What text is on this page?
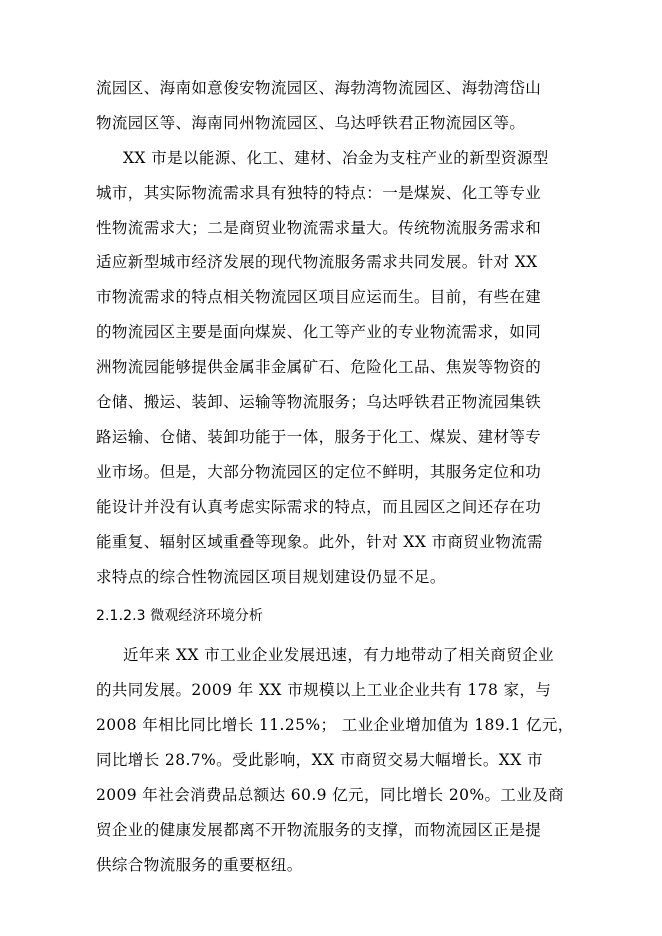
流园区、海南如意俊安物流园区、海勃湾物流园区、海勃湾岱山
物流园区等、海南同州物流园区、乌达呼铁君正物流园区等。
XX 市是以能源、化工、建材、冶金为支柱产业的新型资源型
城市，其实际物流需求具有独特的特点：一是煤炭、化工等专业
性物流需求大；二是商贸业物流需求量大。传统物流服务需求和
适应新型城市经济发展的现代物流服务需求共同发展。针对 XX
市物流需求的特点相关物流园区项目应运而生。目前，有些在建
的物流园区主要是面向煤炭、化工等产业的专业物流需求，如同
洲物流园能够提供金属非金属矿石、危险化工品、焦炭等物资的
仓储、搬运、装卸、运输等物流服务；乌达呼铁君正物流园集铁
路运输、仓储、装卸功能于一体，服务于化工、煤炭、建材等专
业市场。但是，大部分物流园区的定位不鲜明，其服务定位和功
能设计并没有认真考虑实际需求的特点，而且园区之间还存在功
能重复、辐射区域重叠等现象。此外，针对 XX 市商贸业物流需
求特点的综合性物流园区项目规划建设仍显不足。
2.1.2.3 微观经济环境分析
近年来 XX 市工业企业发展迅速，有力地带动了相关商贸企业
的共同发展。2009 年 XX 市规模以上工业企业共有 178 家，与
2008 年相比同比增长 11.25%； 工业企业增加值为 189.1 亿元，
同比增长 28.7%。受此影响，XX 市商贸交易大幅增长。XX 市
2009 年社会消费品总额达 60.9 亿元，同比增长 20%。工业及商
贸企业的健康发展都离不开物流服务的支撑，而物流园区正是提
供综合物流服务的重要枢纽。
